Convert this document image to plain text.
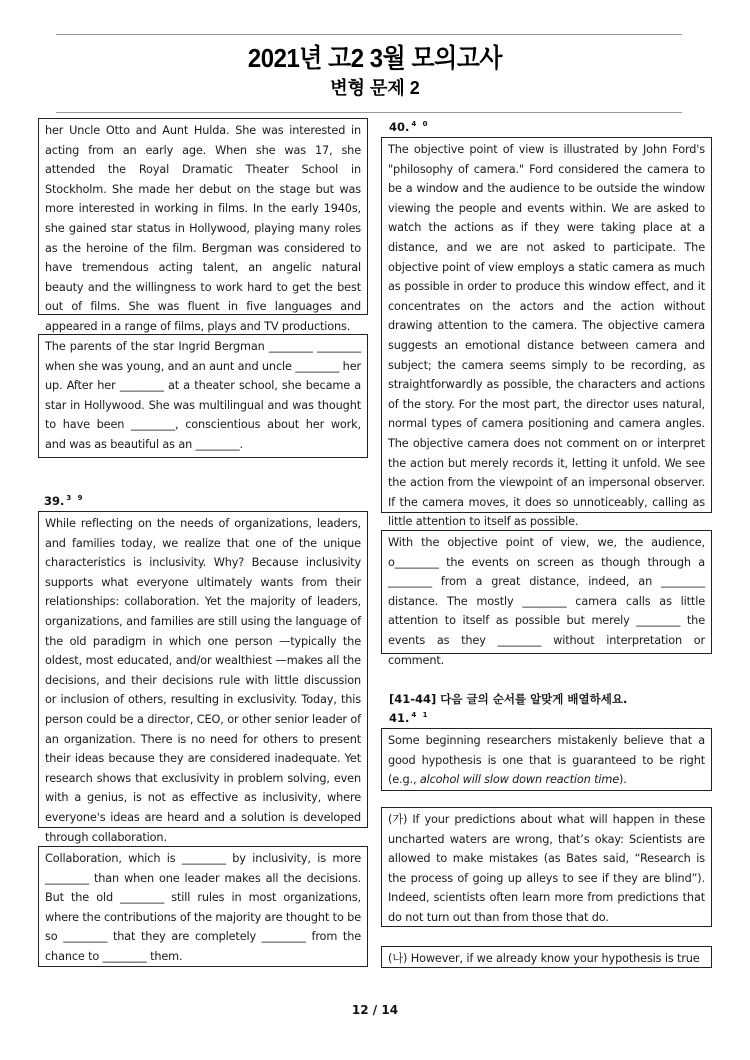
2021년 고2 3월 모의고사
변형 문제 2
her Uncle Otto and Aunt Hulda. She was interested in acting from an early age. When she was 17, she attended the Royal Dramatic Theater School in Stockholm. She made her debut on the stage but was more interested in working in films. In the early 1940s, she gained star status in Hollywood, playing many roles as the heroine of the film. Bergman was considered to have tremendous acting talent, an angelic natural beauty and the willingness to work hard to get the best out of films. She was fluent in five languages and appeared in a range of films, plays and TV productions.
The parents of the star Ingrid Bergman ________ ________ when she was young, and an aunt and uncle ________ her up. After her ________ at a theater school, she became a star in Hollywood. She was multilingual and was thought to have been ________, conscientious about her work, and was as beautiful as an ________.
39. $^{3 9}$
While reflecting on the needs of organizations, leaders, and families today, we realize that one of the unique characteristics is inclusivity. Why? Because inclusivity supports what everyone ultimately wants from their relationships: collaboration. Yet the majority of leaders, organizations, and families are still using the language of the old paradigm in which one person —typically the oldest, most educated, and/or wealthiest —makes all the decisions, and their decisions rule with little discussion or inclusion of others, resulting in exclusivity. Today, this person could be a director, CEO, or other senior leader of an organization. There is no need for others to present their ideas because they are considered inadequate. Yet research shows that exclusivity in problem solving, even with a genius, is not as effective as inclusivity, where everyone's ideas are heard and a solution is developed through collaboration.
Collaboration, which is ________ by inclusivity, is more ________ than when one leader makes all the decisions. But the old ________ still rules in most organizations, where the contributions of the majority are thought to be so ________ that they are completely ________ from the chance to ________ them.
40. $^{4 0}$
The objective point of view is illustrated by John Ford's "philosophy of camera." Ford considered the camera to be a window and the audience to be outside the window viewing the people and events within. We are asked to watch the actions as if they were taking place at a distance, and we are not asked to participate. The objective point of view employs a static camera as much as possible in order to produce this window effect, and it concentrates on the actors and the action without drawing attention to the camera. The objective camera suggests an emotional distance between camera and subject; the camera seems simply to be recording, as straightforwardly as possible, the characters and actions of the story. For the most part, the director uses natural, normal types of camera positioning and camera angles. The objective camera does not comment on or interpret the action but merely records it, letting it unfold. We see the action from the viewpoint of an impersonal observer. If the camera moves, it does so unnoticeably, calling as little attention to itself as possible.
With the objective point of view, we, the audience, o________ the events on screen as though through a ________ from a great distance, indeed, an ________ distance. The mostly ________ camera calls as little attention to itself as possible but merely ________ the events as they ________ without interpretation or comment.
[41-44] 다음 글의 순서를 알맞게 배열하세요.
41. $^{4 1}$
Some beginning researchers mistakenly believe that a good hypothesis is one that is guaranteed to be right (e.g., alcohol will slow down reaction time).
(가) If your predictions about what will happen in these uncharted waters are wrong, that’s okay: Scientists are allowed to make mistakes (as Bates said, “Research is the process of going up alleys to see if they are blind”). Indeed, scientists often learn more from predictions that do not turn out than from those that do.
(나) However, if we already know your hypothesis is true
12 / 14
